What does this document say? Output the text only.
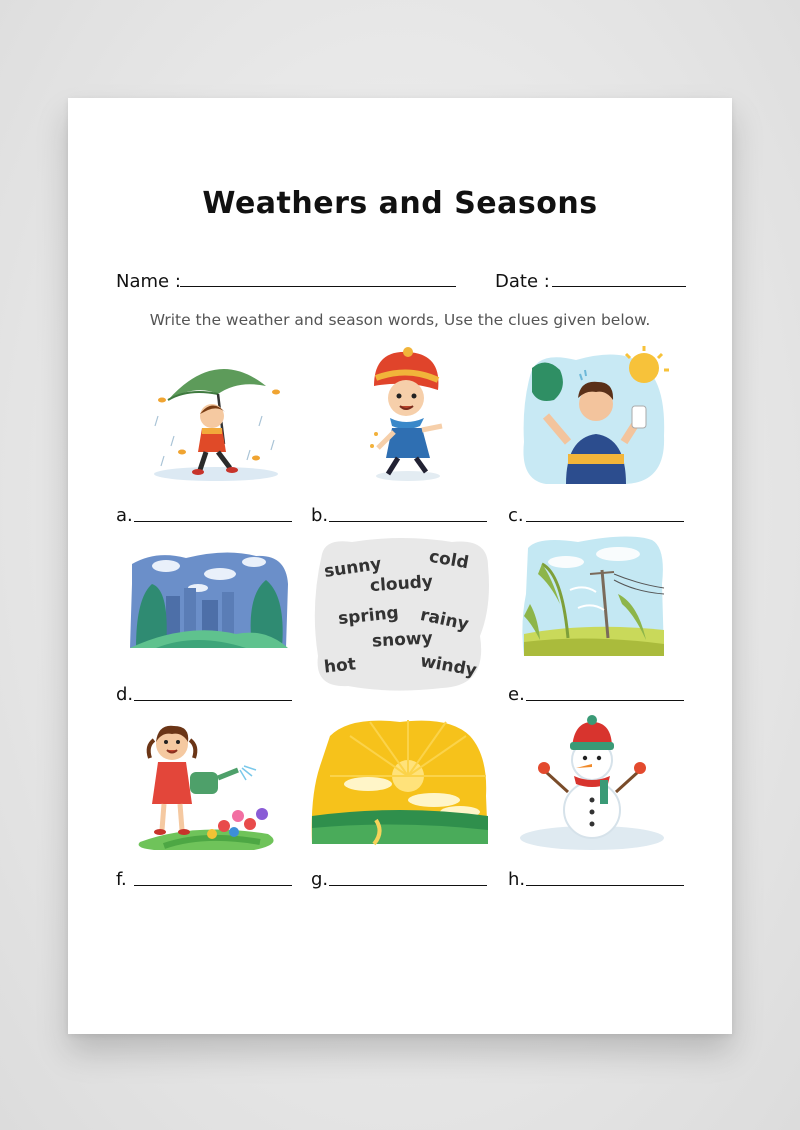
Weathers and Seasons
Name :	Date :
Write the weather and season words, Use the clues given below.
a.	b.	c.
sunny	cold
cloudy
spring rainy
snowy
hot	windy
d.	e.
f.	g.	h.
